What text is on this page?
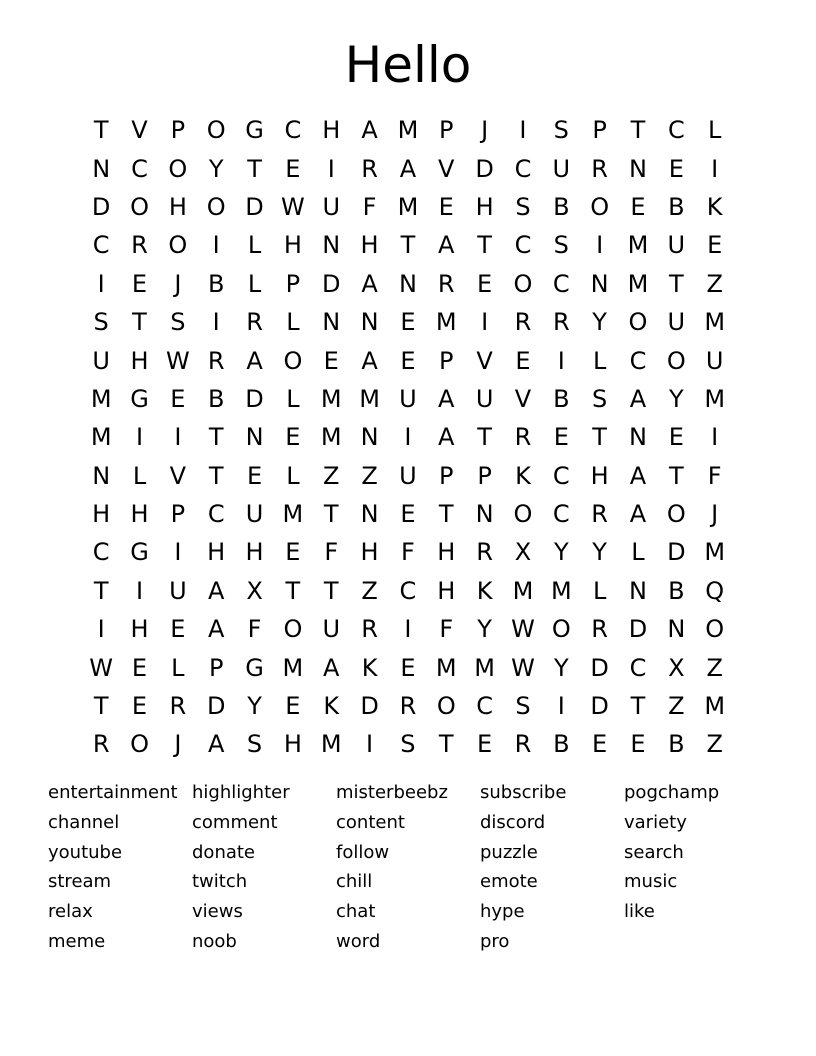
Hello
T V P O G C H A M P	J	I	S P T C L
N C O Y T E	I	R A V D C U R N E	I
D O H O D W U F M E H S B O E B K
C R O	I	L H N H T A T C S	I	M U E
I	E	J	B L	P D A N R E O C N M T Z
S T S	I	R L N N E M	I	R R Y O U M
U H W R A O E A E P V E	I	L C O U
M G E B D L M M U A U V B S A Y M
M	I	I	T N E M N	I	A T R E T N E	I
N L V T E	L Z Z U P P K C H A T	F
H H P C U M T N E T N O C R A O	J
C G	I	H H E F H F H R X Y Y	L D M
T	I	U A X T T Z C H K M M L N B Q
I	H E A F O U R	I	F	Y W O R D N O
W E	L	P G M A K E M M W Y D C X Z
T E R D Y E K D R O C S	I	D T Z M
R O	J	A S H M	I	S T E R B E E B Z
entertainment highlighter	misterbeebz	subscribe	pogchamp
channel	comment	content	discord	variety
youtube	donate	follow	puzzle	search
stream	twitch	chill	emote	music
relax	views	chat	hype	like
meme	noob	word	pro
